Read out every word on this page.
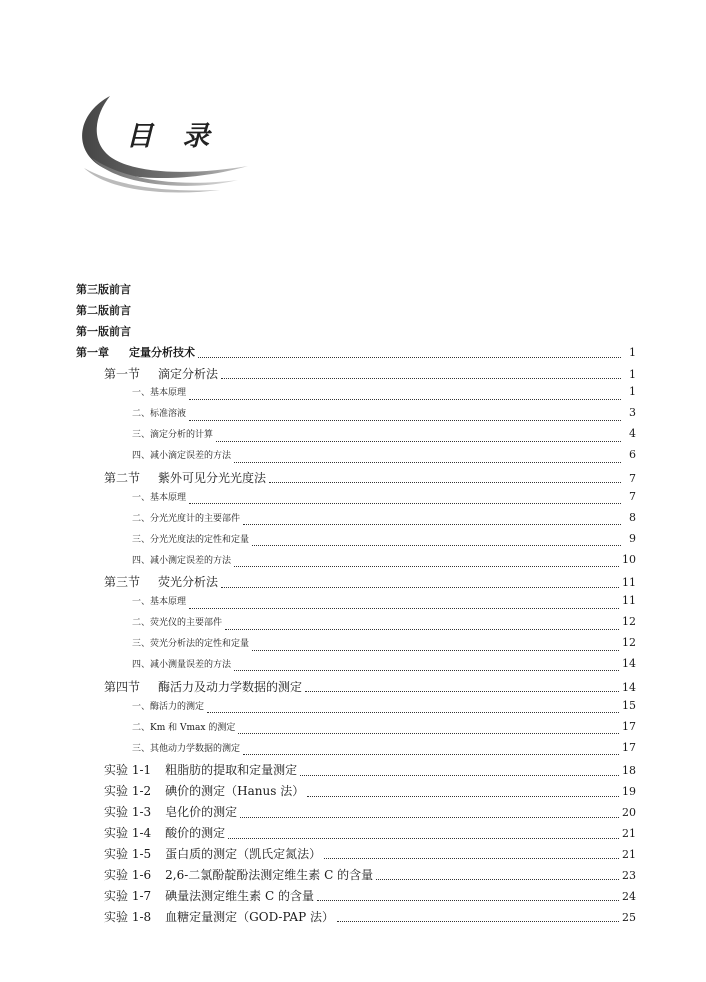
目 录
第三版前言
第二版前言
第一版前言
第一章 定量分析技术	1
第一节 滴定分析法	1
一、基本原理	1
二、标准溶液	3
三、滴定分析的计算	4
四、减小滴定误差的方法	6
第二节 紫外可见分光光度法	7
一、基本原理	7
二、分光光度计的主要部件	8
三、分光光度法的定性和定量	9
四、减小测定误差的方法	10
第三节 荧光分析法	11
一、基本原理	11
二、荧光仪的主要部件	12
三、荧光分析法的定性和定量	12
四、减小测量误差的方法	14
第四节 酶活力及动力学数据的测定	14
一、酶活力的测定	15
二、Km 和 Vmax 的测定	17
三、其他动力学数据的测定	17
实验 1-1 粗脂肪的提取和定量测定	18
实验 1-2 碘价的测定（Hanus 法）	19
实验 1-3 皂化价的测定	20
实验 1-4 酸价的测定	21
实验 1-5 蛋白质的测定（凯氏定氮法）	21
实验 1-6 2,6-二氯酚靛酚法测定维生素 C 的含量	23
实验 1-7 碘量法测定维生素 C 的含量	24
实验 1-8 血糖定量测定（GOD-PAP 法）	25
